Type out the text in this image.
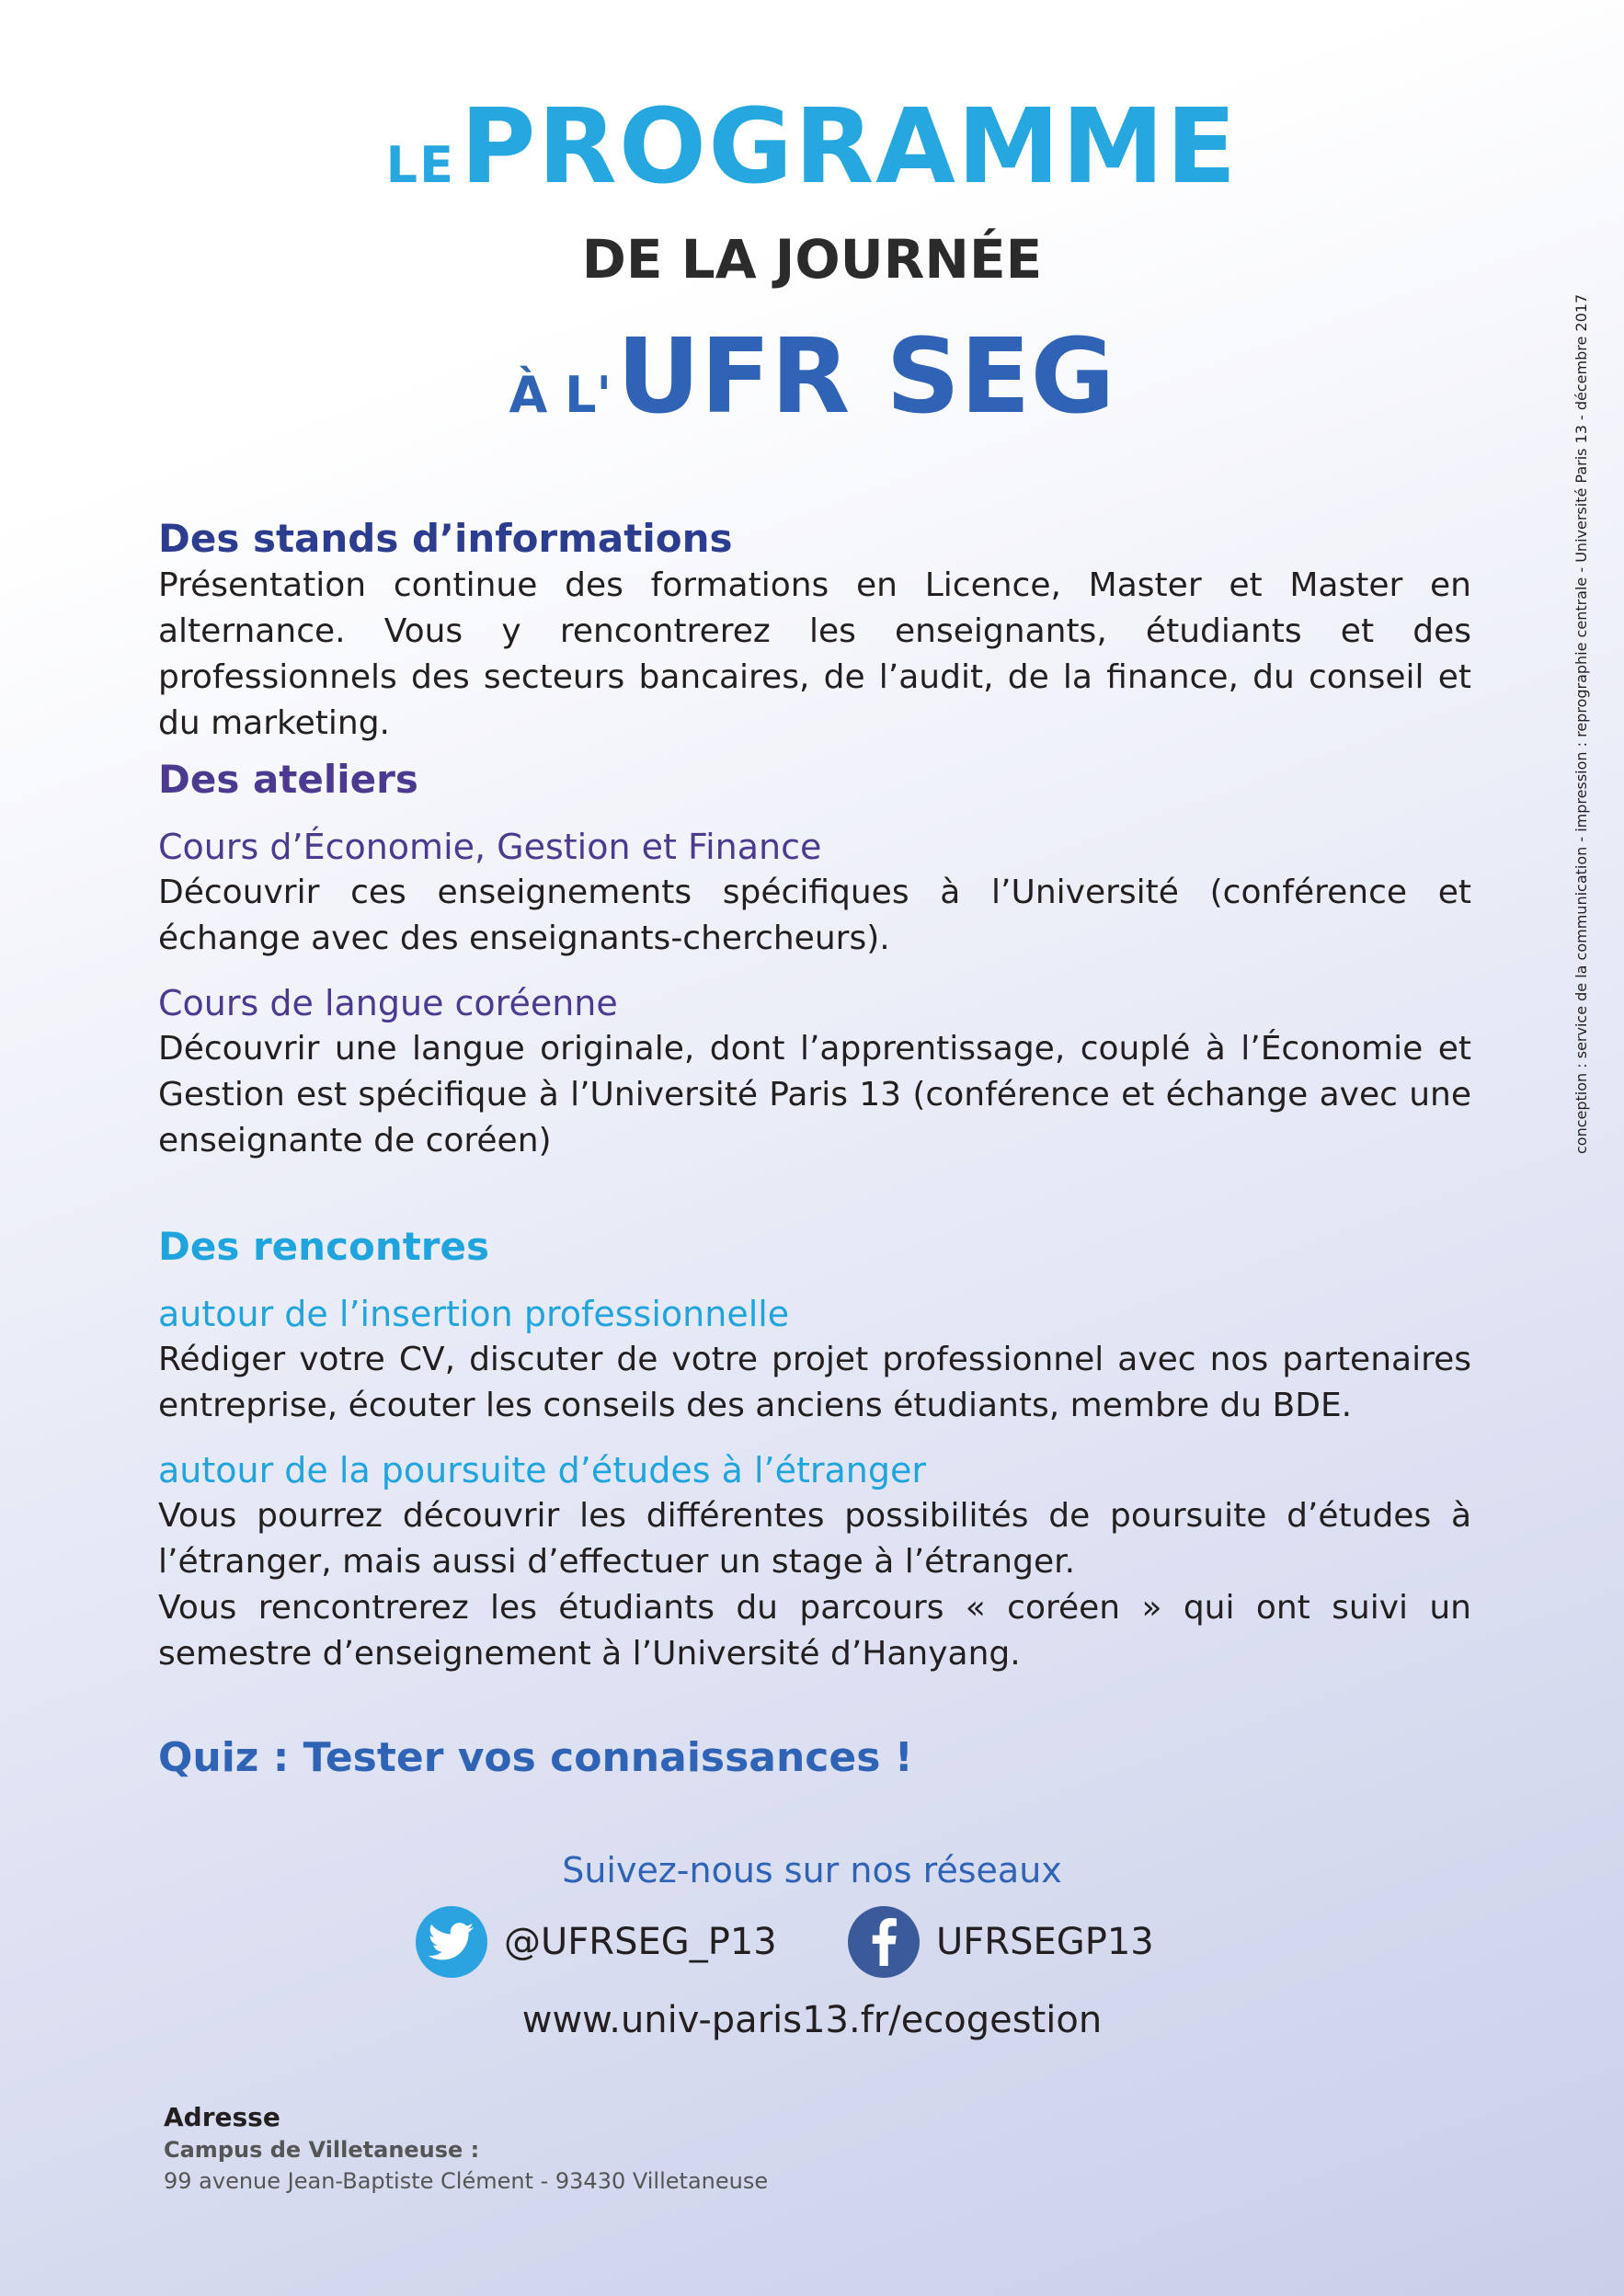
LE PROGRAMME
DE LA JOURNÉE
À L' UFR SEG
Des stands d’informations

Présentation continue des formations en Licence, Master et Master en alternance. Vous y rencontrerez les enseignants, étudiants et des professionnels des secteurs bancaires, de l’audit, de la finance, du conseil et du marketing.

Des ateliers

Cours d’Économie, Gestion et Finance

Découvrir ces enseignements spécifiques à l’Université (conférence et échange avec des enseignants-chercheurs).

Cours de langue coréenne

Découvrir une langue originale, dont l’apprentissage, couplé à l’Économie et Gestion est spécifique à l’Université Paris 13 (conférence et échange avec une enseignante de coréen)

Des rencontres

autour de l’insertion professionnelle

Rédiger votre CV, discuter de votre projet professionnel avec nos partenaires entreprise, écouter les conseils des anciens étudiants, membre du BDE.

autour de la poursuite d’études à l’étranger

Vous pourrez découvrir les différentes possibilités de poursuite d’études à l’étranger, mais aussi d’effectuer un stage à l’étranger.

Vous rencontrerez les étudiants du parcours « coréen » qui ont suivi un semestre d’enseignement à l’Université d’Hanyang.

Quiz : Tester vos connaissances !
Suivez-nous sur nos réseaux
@UFRSEG_P13	UFRSEGP13
www.univ-paris13.fr/ecogestion
Adresse
Campus de Villetaneuse :
99 avenue Jean-Baptiste Clément - 93430 Villetaneuse
conception : service de la communication - impression : reprographie centrale - Université Paris 13 - décembre 2017
